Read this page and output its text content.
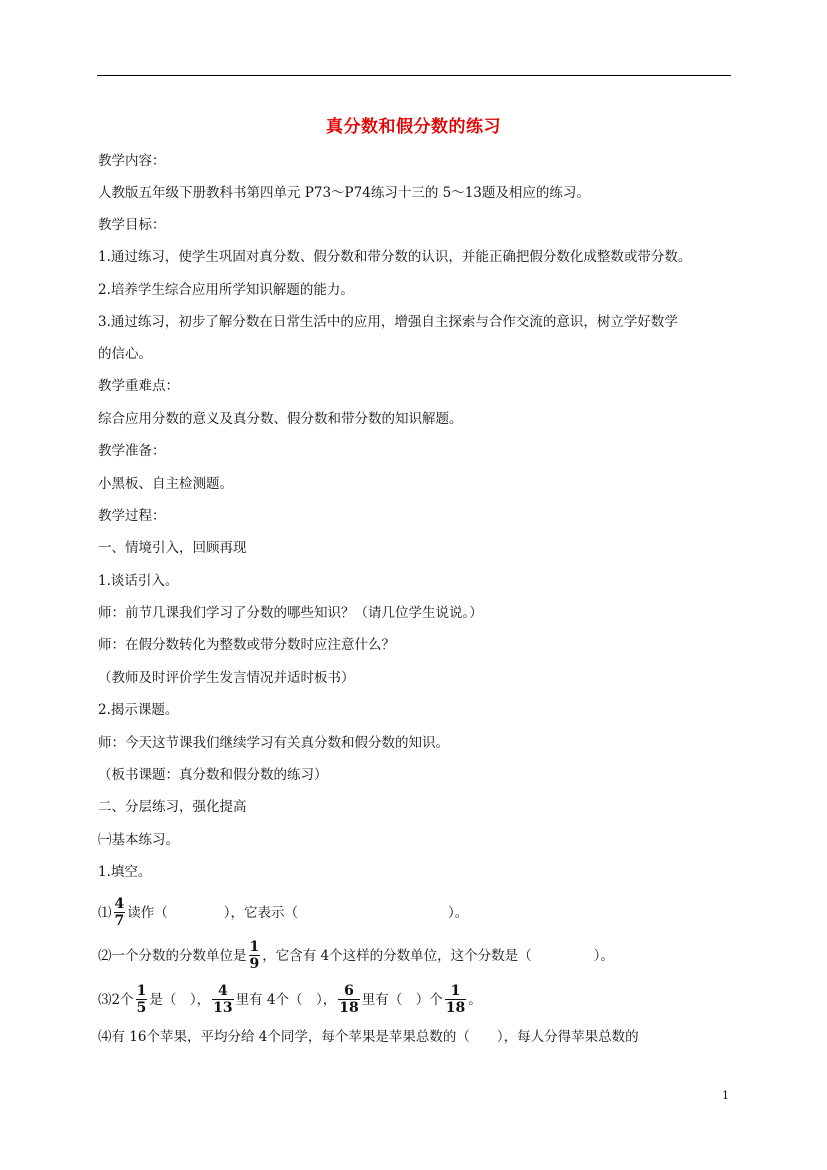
真分数和假分数的练习
教学内容：
人教版五年级下册教科书第四单元 P73～P74练习十三的 5～13题及相应的练习。
教学目标：
1.通过练习，使学生巩固对真分数、假分数和带分数的认识，并能正确把假分数化成整数或带分数。
2.培养学生综合应用所学知识解题的能力。
3.通过练习，初步了解分数在日常生活中的应用，增强自主探索与合作交流的意识，树立学好数学
的信心。
教学重难点：
综合应用分数的意义及真分数、假分数和带分数的知识解题。
教学准备：
小黑板、自主检测题。
教学过程：
一、情境引入，回顾再现
1.谈话引入。
师：前节几课我们学习了分数的哪些知识？（请几位学生说说。）
师：在假分数转化为整数或带分数时应注意什么？
（教师及时评价学生发言情况并适时板书）
2.揭示课题。
师：今天这节课我们继续学习有关真分数和假分数的知识。
（板书课题：真分数和假分数的练习）
二、分层练习，强化提高
㈠基本练习。
1.填空。
⑴ $\frac{4}{7}$ 读作（	），它表示（	）。
⑵一个分数的分数单位是 $\frac{1}{9}$ ，它含有 4个这样的分数单位，这个分数是（	）。
⑶2个 $\frac{1}{5}$ 是（　）， $\frac{4}{13}$ 里有 4个（　）， $\frac{6}{18}$ 里有（　）个 $\frac{1}{18}$ 。
⑷有 16个苹果，平均分给 4个同学，每个苹果是苹果总数的（　　），每人分得苹果总数的
1
